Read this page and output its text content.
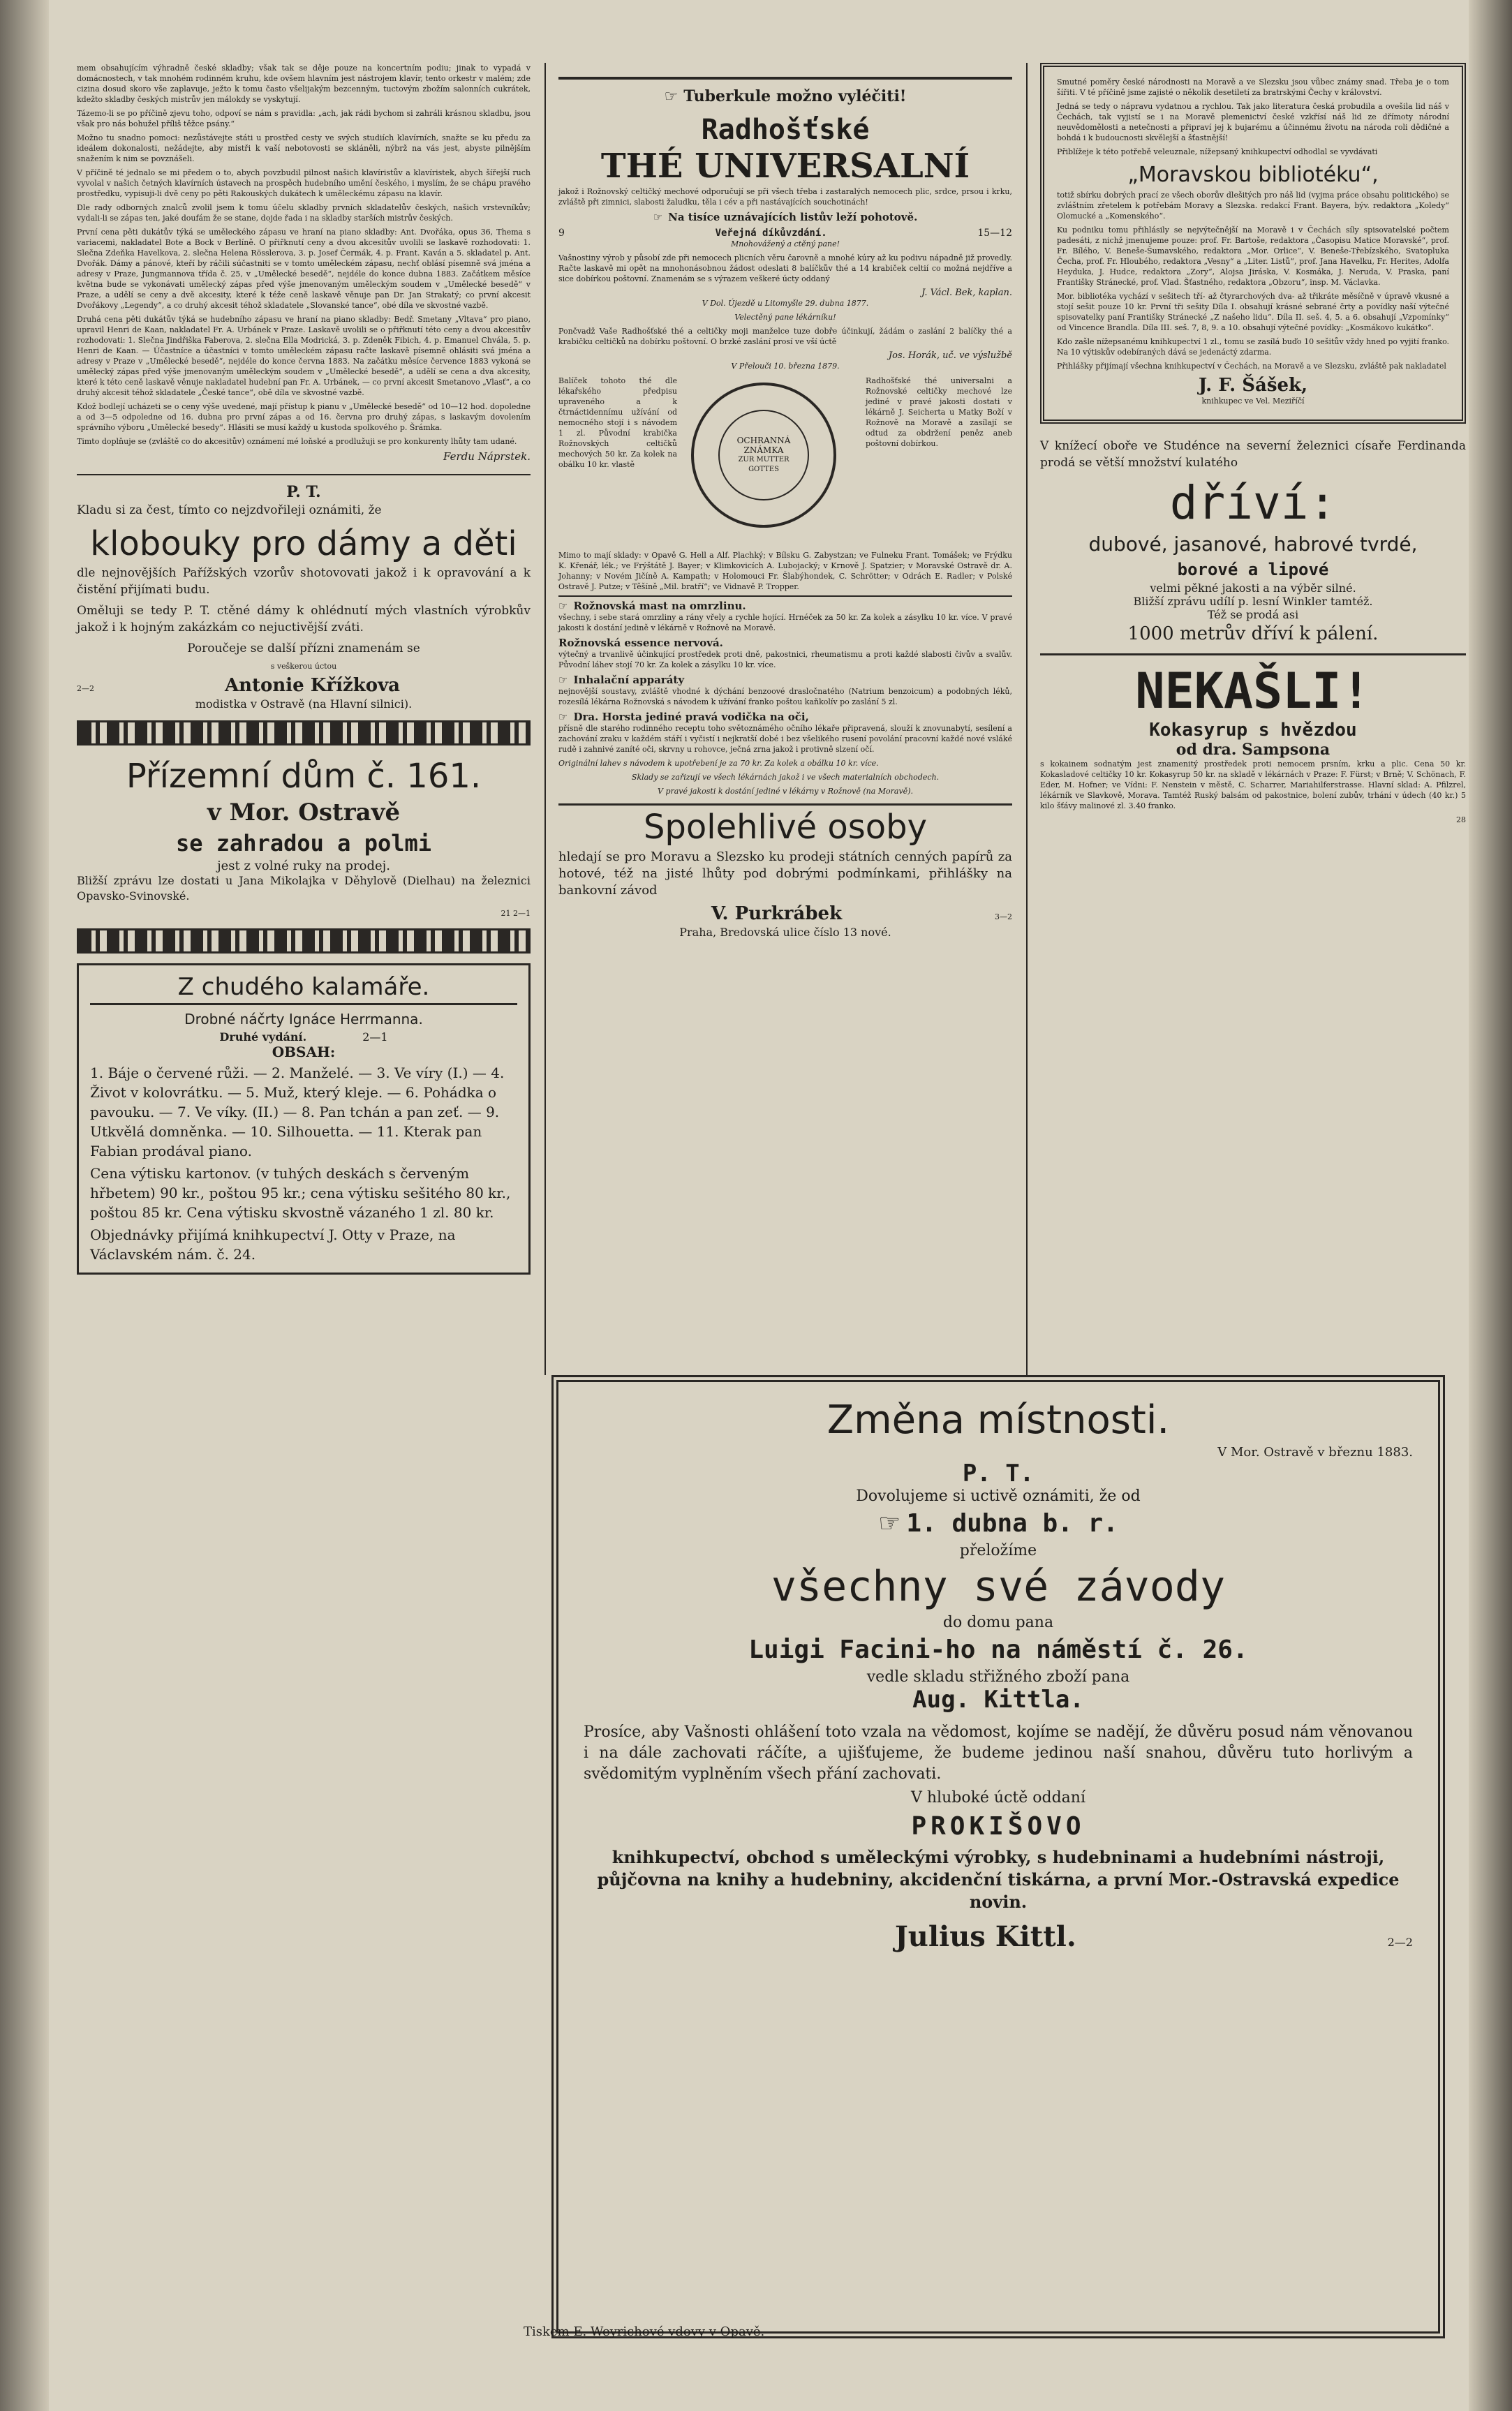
mem obsahujícím výhradně české skladby; však tak se děje pouze na koncertním podiu; jinak to vypadá v domácnostech, v tak mnohém rodinném kruhu, kde ovšem hlavním jest nástrojem klavír, tento orkestr v malém; zde cizina dosud skoro vše zaplavuje, ježto k tomu často všelijakým bezcenným, tuctovým zbožím salonních cukrátek, kdežto skladby českých mistrův jen málokdy se vyskytují.

Tázemo-li se po příčině zjevu toho, odpoví se nám s pravidla: „ach, jak rádi bychom si zahráli krásnou skladbu, jsou však pro nás bohužel příliš těžce psány.“

Možno tu snadno pomoci: nezůstávejte státi u prostřed cesty ve svých studiích klavírních, snažte se ku předu za ideálem dokonalosti, nežádejte, aby mistři k vaší nebotovosti se skláněli, nýbrž na vás jest, abyste pilnějším snažením k nim se povznášeli.

V příčině té jednalo se mi předem o to, abych povzbudil pilnost našich klavíristův a klavíristek, abych šířejší ruch vyvolal v našich četných klavírních ústavech na prospěch hudebního umění českého, i myslím, že se chápu pravého prostředku, vypisuji-li dvě ceny po pěti Rakouských dukátech k uměleckému zápasu na klavír.

Dle rady odborných znalců zvolil jsem k tomu účelu skladby prvních skladatelův českých, našich vrstevníkův; vydali-li se zápas ten, jaké doufám že se stane, dojde řada i na skladby starších mistrův českých.

První cena pěti dukátův týká se uměleckého zápasu ve hraní na piano skladby: Ant. Dvořáka, opus 36, Thema s variacemi, nakladatel Bote a Bock v Berlíně. O přiřknutí ceny a dvou akcesitův uvolili se laskavě rozhodovati: 1. Slečna Zdeňka Havelkova, 2. slečna Helena Rösslerova, 3. p. Josef Čermák, 4. p. Frant. Kaván a 5. skladatel p. Ant. Dvořák. Dámy a pánové, kteří by ráčili súčastniti se v tomto uměleckém zápasu, nechť oblásí písemně svá jména a adresy v Praze, Jungmannova třída č. 25, v „Umělecké besedě“, nejdéle do konce dubna 1883. Začátkem měsíce května bude se vykonávati umělecký zápas před výše jmenovaným uměleckým soudem v „Umělecké besedě“ v Praze, a udělí se ceny a dvě akcesity, které k téže ceně laskavě věnuje pan Dr. Jan Strakatý; co první akcesit Dvořákovy „Legendy“, a co druhý akcesit téhož skladatele „Slovanské tance“, obé díla ve skvostné vazbě.

Druhá cena pěti dukátův týká se hudebního zápasu ve hraní na piano skladby: Bedř. Smetany „Vltava“ pro piano, upravil Henri de Kaan, nakladatel Fr. A. Urbánek v Praze. Laskavě uvolili se o přiřknutí této ceny a dvou akcesitův rozhodovati: 1. Slečna Jindřiška Faberova, 2. slečna Ella Modrická, 3. p. Zdeněk Fibich, 4. p. Emanuel Chvála, 5. p. Henri de Kaan. — Účastníce a účastníci v tomto uměleckém zápasu račte laskavě písemně ohlásiti svá jména a adresy v Praze v „Umělecké besedě“, nejdéle do konce června 1883. Na začátku měsíce července 1883 vykoná se umělecký zápas před výše jmenovaným uměleckým soudem v „Umělecké besedě“, a udělí se cena a dva akcesity, které k této ceně laskavě věnuje nakladatel hudební pan Fr. A. Urbánek, — co první akcesit Smetanovo „Vlasť“, a co druhý akcesit téhož skladatele „České tance“, obě díla ve skvostné vazbě.

Kdož bodlejí ucházeti se o ceny výše uvedené, mají přístup k pianu v „Umělecké besedě“ od 10—12 hod. dopoledne a od 3—5 odpoledne od 16. dubna pro první zápas a od 16. června pro druhý zápas, s laskavým dovolením správního výboru „Umělecké besedy“. Hlásiti se musí každý u kustoda spolkového p. Šrámka.

Timto doplňuje se (zvláště co do akcesitův) oznámení mé loňské a prodlužuji se pro konkurenty lhůty tam udané.

Ferdu Náprstek.
P. T.

Kladu si za čest, tímto co nejzdvořileji oznámiti, že

klobouky pro dámy a děti

dle nejnovějších Pařížských vzorův shotovovati jakož i k opravování a k čistění přijímati budu.

Oměluji se tedy P. T. ctěné dámy k ohlédnutí mých vlastních výrobkův jakož i k hojným zakázkám co nejuctivější zváti.

Poroučeje se další přízni znamenám se

s veškerou úctou
2—2	Antonie Křížkova
modistka v Ostravě (na Hlavní silnici).
Přízemní dům č. 161.
v Mor. Ostravě
se zahradou a polmi
jest z volné ruky na prodej.

Bližší zprávu lze dostati u Jana Mikolajka v Děhylově (Dielhau) na železnici Opavsko-Svinovské.

21 2—1
Z chudého kalamáře.
Drobné náčrty Ignáce Herrmanna.
Druhé vydání.	2—1
OBSAH:

1. Báje o červené růži. — 2. Manželé. — 3. Ve víry (I.) — 4. Život v kolovrátku. — 5. Muž, který kleje. — 6. Pohádka o pavouku. — 7. Ve víky. (II.) — 8. Pan tchán a pan zeť. — 9. Utkvělá domněnka. — 10. Silhouetta. — 11. Kterak pan Fabian prodával piano.

Cena výtisku kartonov. (v tuhých deskách s červeným hřbetem) 90 kr., poštou 95 kr.; cena výtisku sešitého 80 kr., poštou 85 kr. Cena výtisku skvostně vázaného 1 zl. 80 kr.

Objednávky přijímá knihkupectví J. Otty v Praze, na Václavském nám. č. 24.

☞ Tuberkule možno vyléčiti!
Radhošťské
THÉ UNIVERSALNÍ

jakož i Rožnovský celtičký mechové odporučují se při všech třeba i zastaralých nemocech plic, srdce, prsou i krku, zvláště při zimnici, slabosti žaludku, těla i cév a při nastávajících souchotinách!

☞ Na tisíce uznávajících listův leží pohotově.
9	Veřejná díkůvzdání.	15—12
Mnohovážený a ctěný pane!

Vašnostiny výrob y působí zde při nemocech plicních věru čarovně a mnohé kúry až ku podivu nápadně již provedly. Račte laskavě mi opět na mnohonásobnou žádost odeslati 8 balíčkův thé a 14 krabiček celtií co možná nejdříve a sice dobírkou poštovní. Znamenám se s výrazem veškeré úcty oddaný

J. Václ. Bek, kaplan.
V Dol. Újezdě u Litomyšle 29. dubna 1877.
Velectěný pane lékárníku!

Pončvadž Vaše Radhošťské thé a celtičky moji manželce tuze dobře účinkují, žádám o zaslání 2 balíčky thé a krabičku celtičků na dobírku poštovní. O brzké zaslání prosí ve vší úctě

Jos. Horák, uč. ve výslužbě
V Přelouči 10. března 1879.

Balíček tohoto thé dle lékařského předpisu upraveného a k čtrnáctidennímu užívání od nemocného stojí i s návodem 1 zl. Původní krabička Rožnovských celtičků mechových 50 kr. Za kolek na obálku 10 kr. vlastě

OCHRANNÁ ZNÁMKA
ZUR MUTTER GOTTES

Radhošťské thé universalni a Rožnovské celtičky mechové lze jediné v pravé jakosti dostati v lékárně J. Seicherta u Matky Boží v Rožnově na Moravě a zasílají se odtud za obdržení peněz aneb poštovní dobírkou.

Mimo to mají sklady: v Opavě G. Hell a Alf. Plachký; v Bílsku G. Zabystzan; ve Fulneku Frant. Tomášek; ve Frýdku K. Křenář, lék.; ve Frýštátě J. Bayer; v Klimkovicích A. Lubojacký; v Krnově J. Spatzier; v Moravské Ostravě dr. A. Johanny; v Novém Jičíně A. Kampath; v Holomouci Fr. Šlabýhondek, C. Schrötter; v Odrách E. Radler; v Polské Ostravě J. Putze; v Těšíně „Mil. bratří“; ve Vidnavě P. Tropper.

☞ Rožnovská mast na omrzlinu.

všechny, i sebe stará omrzliny a rány vřely a rychle hojící. Hrnéček za 50 kr. Za kolek a zásylku 10 kr. více. V pravé jakosti k dostání jedině v lékárně v Rožnově na Moravě.

Rožnovská essence nervová.

výtečný a trvanlivě účinkující prostředek proti dně, pakostnici, rheumatismu a proti každé slabosti čivův a svalův. Původní láhev stojí 70 kr. Za kolek a zásylku 10 kr. více.

☞ Inhalační apparáty

nejnovější soustavy, zvláště vhodné k dýchání benzoové drasločnatého (Natrium benzoicum) a podobných léků, rozesílá lékárna Rožnovská s návodem k užívání franko poštou kaňkolív po zaslání 5 zl.

☞ Dra. Horsta jediné pravá vodička na oči,

přísně dle starého rodinného receptu toho světoznámého očního lékaře připravená, slouží k znovunabytí, sesílení a zachování zraku v každém stáří i vyčistí i nejkratší dobé i bez všelikého rusení povolání pracovní každé nové vsláké rudě i zahnivé zaníté oči, skrvny u rohovce, ječná zrna jakož i protivně slzení očí.

Originální lahev s návodem k upotřebení je za 70 kr. Za kolek a obálku 10 kr. více.

Sklady se zařizují ve všech lékárnách jakož i ve všech materialních obchodech.

V pravé jakosti k dostání jediné v lékárny v Rožnově (na Moravě).

Spolehlivé osoby

hledají se pro Moravu a Slezsko ku prodeji státních cenných papírů za hotové, též na jisté lhůty pod dobrými podmínkami, přihlášky na bankovní závod

V. Purkrábek	3—2
Praha, Bredovská ulice číslo 13 nové.

Smutné poměry české národnosti na Moravě a ve Slezsku jsou vůbec známy snad. Třeba je o tom šířiti. V té příčině jsme zajisté o několik desetiletí za bratrskými Čechy v království.

Jedná se tedy o nápravu vydatnou a rychlou. Tak jako literatura česká probudila a ovešila lid náš v Čechách, tak vyjistí se i na Moravě plemenictví české vzkřísí náš lid ze dřímoty národní neuvědomělosti a netečnosti a připraví jej k bujarému a účinnému životu na národa roli dědičné a bohdá i k budoucnosti skvělejší a šťastnější!

Přiblížeje k této potřebě veleuznale, nížepsaný knihkupectví odhodlal se vyvdávati

„Moravskou bibliotéku“,

totiž sbírku dobrých prací ze všech oborův dlešitých pro náš lid (vyjma práce obsahu politického) se zvláštním zřetelem k potřebám Moravy a Slezska. redakcí Frant. Bayera, býv. redaktora „Koledy“ Olomucké a „Komenského“.

Ku podniku tomu přihlásily se nejvýtečnější na Moravě i v Čechách síly spisovatelské počtem padesáti, z nichž jmenujeme pouze: prof. Fr. Bartoše, redaktora „Časopisu Matice Moravské“, prof. Fr. Bílého, V. Beneše-Šumavského, redaktora „Mor. Orlice“, V. Beneše-Třebízského, Svatopluka Čecha, prof. Fr. Hloubého, redaktora „Vesny“ a „Liter. Listů“, prof. Jana Havelku, Fr. Herites, Adolfa Heyduka, J. Hudce, redaktora „Zory“, Alojsa Jiráska, V. Kosmáka, J. Neruda, V. Praska, paní Františky Stránecké, prof. Vlad. Šťastného, redaktora „Obzoru“, insp. M. Václavka.

Mor. bibliotéka vychází v sešitech tří- až čtyrarchových dva- až třikráte měsíčně v úpravě vkusné a stojí sešit pouze 10 kr. První tři sešity Díla I. obsahují krásné sebrané črty a povídky naší výtečné spisovatelky paní Františky Stránecké „Z našeho lidu“. Díla II. seš. 4, 5. a 6. obsahují „Vzpomínky“ od Vincence Brandla. Díla III. seš. 7, 8, 9. a 10. obsahují výtečné povídky: „Kosmákovo kukátko“.

Kdo zašle nížepsanému knihkupectví 1 zl., tomu se zasílá buďo 10 sešitův vždy hned po vyjití franko. Na 10 výtiskův odebíraných dává se jedenáctý zdarma.

Přihlášky přijímají všechna knihkupectví v Čechách, na Moravě a ve Slezsku, zvláště pak nakladatel

J. F. Šášek,
knihkupec ve Vel. Meziříčí

V knížecí oboře ve Studénce na severní železnici císaře Ferdinanda prodá se větší množství kulatého

dříví:
dubové, jasanové, habrové tvrdé,
borové a lipové
velmi pěkné jakosti a na výběr silné.
Bližší zprávu udílí p. lesní Winkler tamtéž.
Též se prodá asi
1000 metrův dříví k pálení.
NEKAŠLI!
Kokasyrup s hvězdou
od dra. Sampsona

s kokainem sodnatým jest znamenitý prostředek proti nemocem prsním, krku a plic. Cena 50 kr. Kokasladové celtičky 10 kr. Kokasyrup 50 kr. na skladě v lékárnách v Praze: F. Fürst; v Brně; V. Schönach, F. Eder, M. Hofner; ve Vídni: F. Nenstein v městě, C. Scharrer, Mariahilferstrasse. Hlavní sklad: A. Pfilzrel, lékárník ve Slavkově, Morava. Tamtéž Ruský balsám od pakostnice, bolení zubův, trhání v údech (40 kr.) 5 kilo šťávy malinové zl. 3.40 franko.

28
Změna místnosti.
V Mor. Ostravě v březnu 1883.
P. T.
Dovolujeme si uctivě oznámiti, že od
☞ 1. dubna b. r.
přeložíme
všechny své závody
do domu pana
Luigi Facini-ho na náměstí č. 26.
vedle skladu střižného zboží pana
Aug. Kittla.

Prosíce, aby Vašnosti ohlášení toto vzala na vědomost, kojíme se nadějí, že důvěru posud nám věnovanou i na dále zachovati ráčíte, a ujišťujeme, že budeme jedinou naší snahou, důvěru tuto horlivým a svědomitým vyplněním všech přání zachovati.

V hluboké úctě oddaní
PROKIŠOVO

knihkupectví, obchod s uměleckými výrobky, s hudebninami a hudebními nástroji, půjčovna na knihy a hudebniny, akcidenční tiskárna, a první Mor.-Ostravská expedice novin.

Julius Kittl.	2—2
Tiskem E. Weyrichové vdovy v Opavě.
